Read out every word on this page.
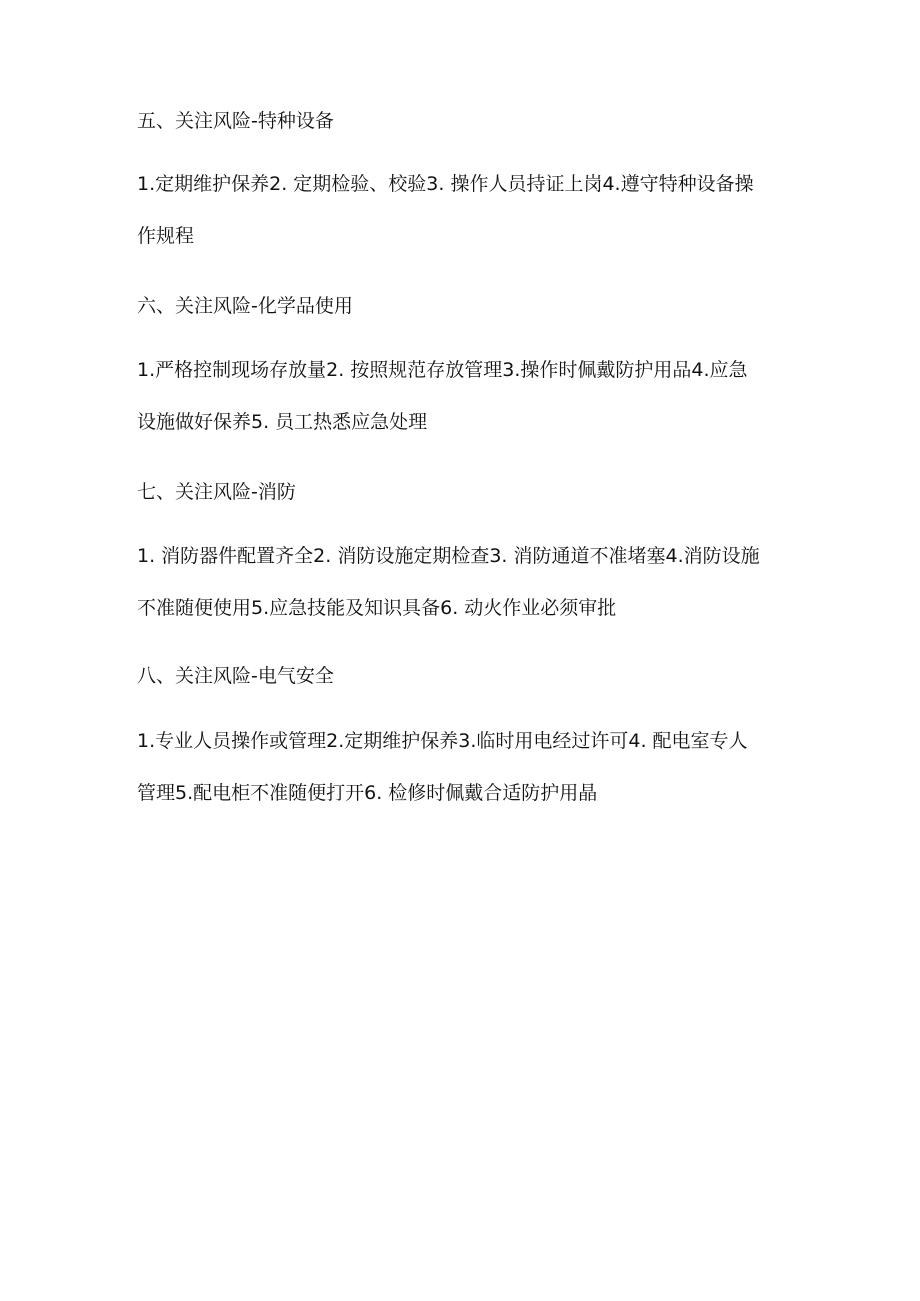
五、关注风险-特种设备

1.定期维护保养2. 定期检验、校验3. 操作人员持证上岗4.遵守特种设备操
作规程

六、关注风险-化学品使用

1.严格控制现场存放量2. 按照规范存放管理3.操作时佩戴防护用品4.应急
设施做好保养5. 员工热悉应急处理

七、关注风险-消防

1. 消防器件配置齐全2. 消防设施定期检查3. 消防通道不准堵塞4.消防设施
不准随便使用5.应急技能及知识具备6. 动火作业必须审批

八、关注风险-电气安全

1.专业人员操作或管理2.定期维护保养3.临时用电经过许可4. 配电室专人
管理5.配电柜不准随便打开6. 检修时佩戴合适防护用晶
